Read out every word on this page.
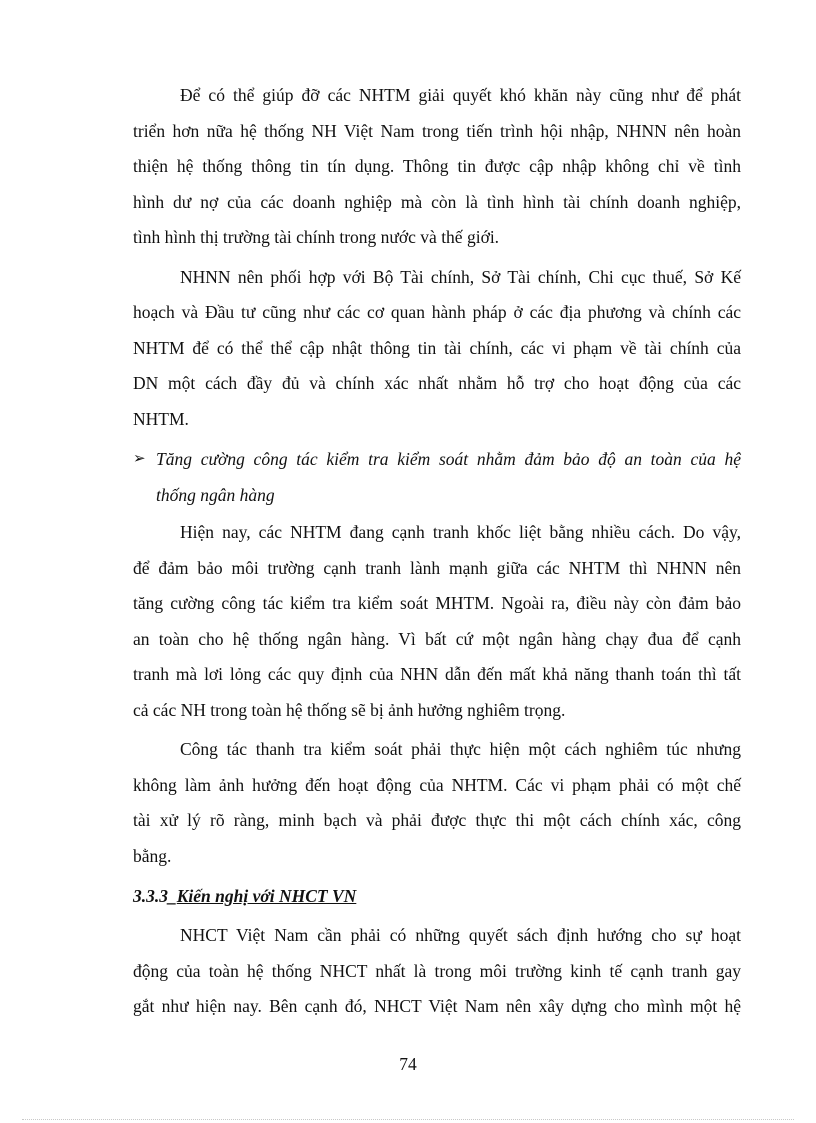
Để có thể giúp đỡ các NHTM giải quyết khó khăn này cũng như để phát
triển hơn nữa hệ thống NH Việt Nam trong tiến trình hội nhập, NHNN nên hoàn
thiện hệ thống thông tin tín dụng. Thông tin được cập nhập không chỉ về tình
hình dư nợ của các doanh nghiệp mà còn là tình hình tài chính doanh nghiệp,
tình hình thị trường tài chính trong nước và thế giới.

NHNN nên phối hợp với Bộ Tài chính, Sở Tài chính, Chi cục thuế, Sở Kế
hoạch và Đầu tư cũng như các cơ quan hành pháp ở các địa phương và chính các
NHTM để có thể thể cập nhật thông tin tài chính, các vi phạm về tài chính của
DN một cách đầy đủ và chính xác nhất nhằm hỗ trợ cho hoạt động của các
NHTM.

➢ Tăng cường công tác kiểm tra kiểm soát nhằm đảm bảo độ an toàn của hệ
thống ngân hàng

Hiện nay, các NHTM đang cạnh tranh khốc liệt bằng nhiều cách. Do vậy,
để đảm bảo môi trường cạnh tranh lành mạnh giữa các NHTM thì NHNN nên
tăng cường công tác kiểm tra kiểm soát MHTM. Ngoài ra, điều này còn đảm bảo
an toàn cho hệ thống ngân hàng. Vì bất cứ một ngân hàng chạy đua để cạnh
tranh mà lơi lỏng các quy định của NHN dẫn đến mất khả năng thanh toán thì tất
cả các NH trong toàn hệ thống sẽ bị ảnh hưởng nghiêm trọng.

Công tác thanh tra kiểm soát phải thực hiện một cách nghiêm túc nhưng
không làm ảnh hưởng đến hoạt động của NHTM. Các vi phạm phải có một chế
tài xử lý rõ ràng, minh bạch và phải được thực thi một cách chính xác, công
bằng.

3.3.3_Kiến nghị với NHCT VN

NHCT Việt Nam cần phải có những quyết sách định hướng cho sự hoạt
động của toàn hệ thống NHCT nhất là trong môi trường kinh tế cạnh tranh gay
gắt như hiện nay. Bên cạnh đó, NHCT Việt Nam nên xây dựng cho mình một hệ

74
